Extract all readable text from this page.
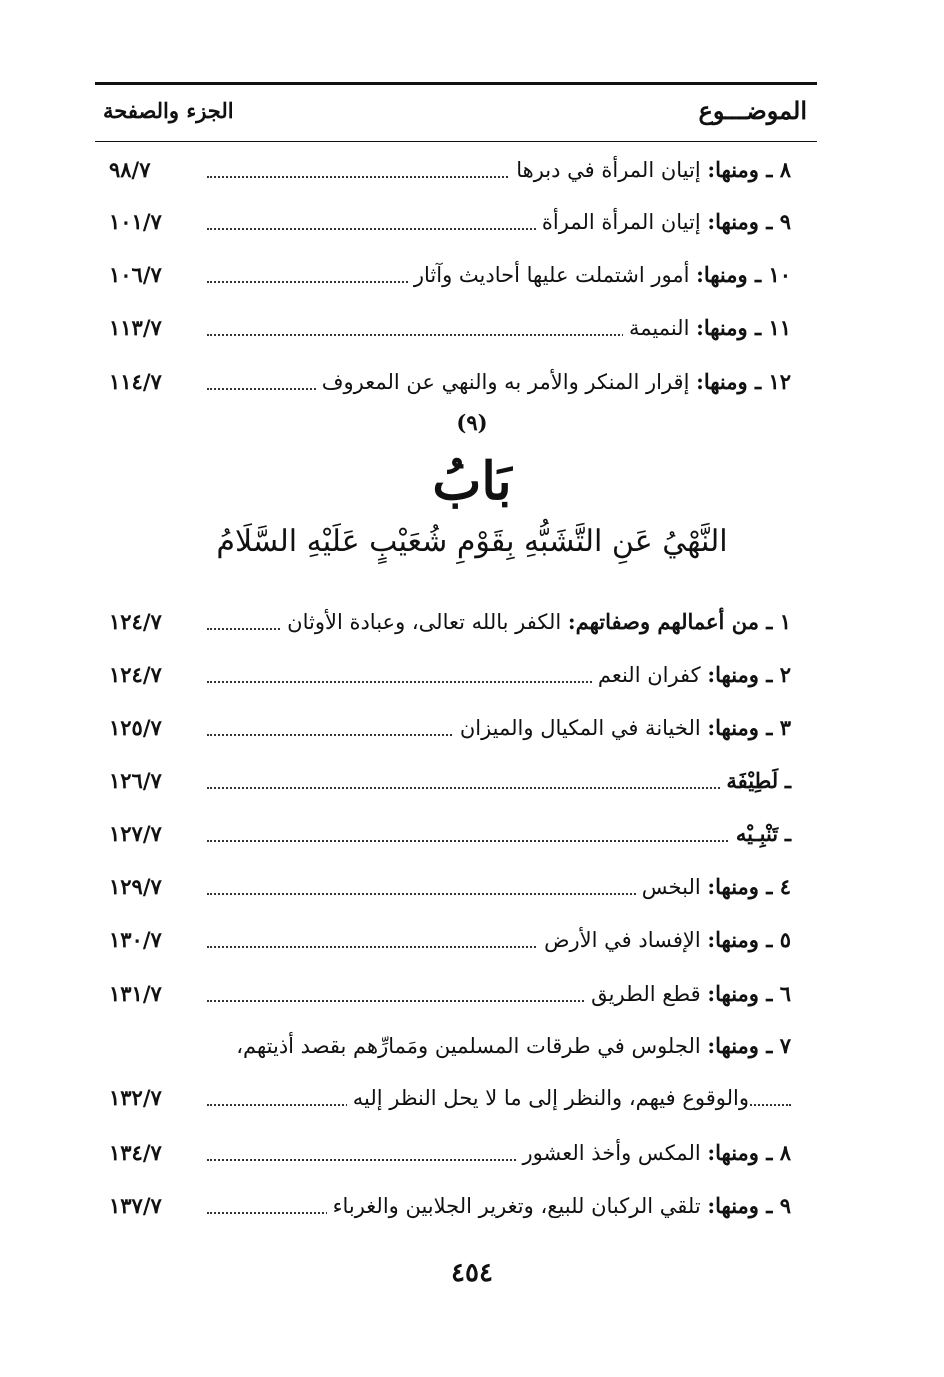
الموضـــوع
الجزء والصفحة
٨ ـ ومنها: إتيان المرأة في دبرها
٩٨/٧
٩ ـ ومنها: إتيان المرأة المرأة
١٠١/٧
١٠ ـ ومنها: أمور اشتملت عليها أحاديث وآثار
١٠٦/٧
١١ ـ ومنها: النميمة
١١٣/٧
١٢ ـ ومنها: إقرار المنكر والأمر به والنهي عن المعروف
١١٤/٧
(٩)
بَابُ
النَّهْيُ عَنِ التَّشَبُّهِ بِقَوْمِ شُعَيْبٍ عَلَيْهِ السَّلَامُ
١ ـ من أعمالهم وصفاتهم: الكفر بالله تعالى، وعبادة الأوثان
١٢٤/٧
٢ ـ ومنها: كفران النعم
١٢٤/٧
٣ ـ ومنها: الخيانة في المكيال والميزان
١٢٥/٧
ـ لَطِيْفَة
١٢٦/٧
ـ تَنْبِـيْه
١٢٧/٧
٤ ـ ومنها: البخس
١٢٩/٧
٥ ـ ومنها: الإفساد في الأرض
١٣٠/٧
٦ ـ ومنها: قطع الطريق
١٣١/٧
٧ ـ ومنها: الجلوس في طرقات المسلمين ومَمارِّهم بقصد أذيتهم،
والوقوع فيهم، والنظر إلى ما لا يحل النظر إليه
١٣٢/٧
٨ ـ ومنها: المكس وأخذ العشور
١٣٤/٧
٩ ـ ومنها: تلقي الركبان للبيع، وتغرير الجلابين والغرباء
١٣٧/٧
٤٥٤
